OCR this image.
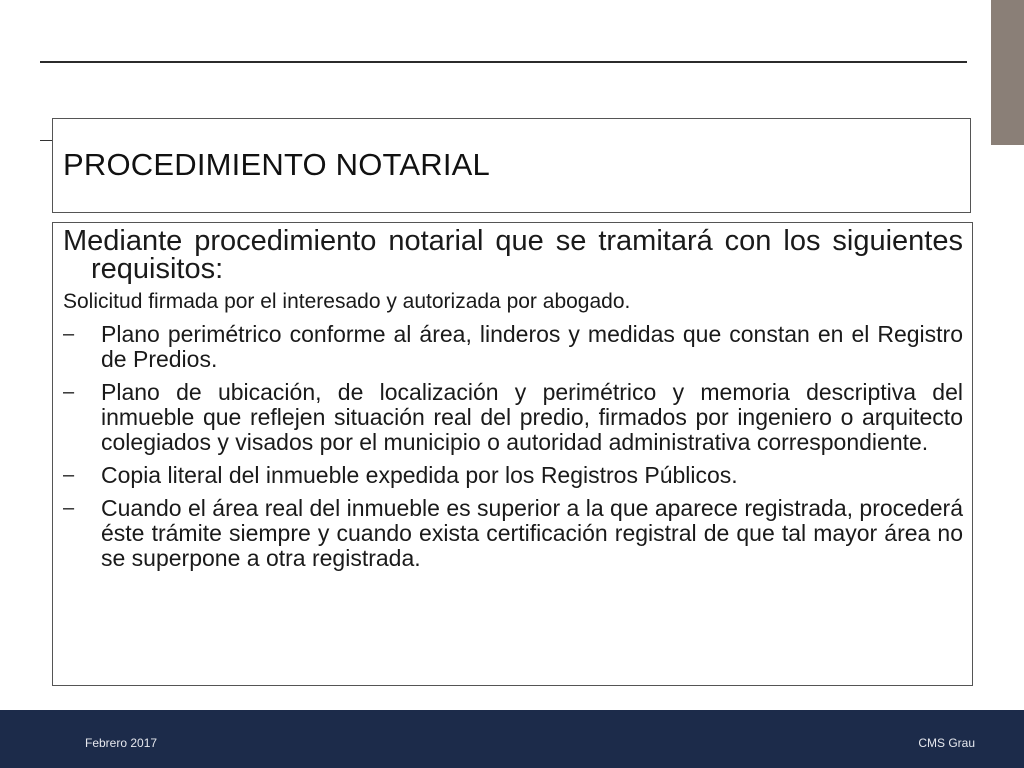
PROCEDIMIENTO NOTARIAL

Mediante procedimiento notarial que se tramitará con los siguientes requisitos:

Solicitud firmada por el interesado y autorizada por abogado.

– Plano perimétrico conforme al área, linderos y medidas que constan en el Registro de Predios.
– Plano de ubicación, de localización y perimétrico y memoria descriptiva del inmueble que reflejen situación real del predio, firmados por ingeniero o arquitecto colegiados y visados por el municipio o autoridad administrativa correspondiente.
– Copia literal del inmueble expedida por los Registros Públicos.
– Cuando el área real del inmueble es superior a la que aparece registrada, procederá éste trámite siempre y cuando exista certificación registral de que tal mayor área no se superpone a otra registrada.
Febrero 2017	CMS Grau
